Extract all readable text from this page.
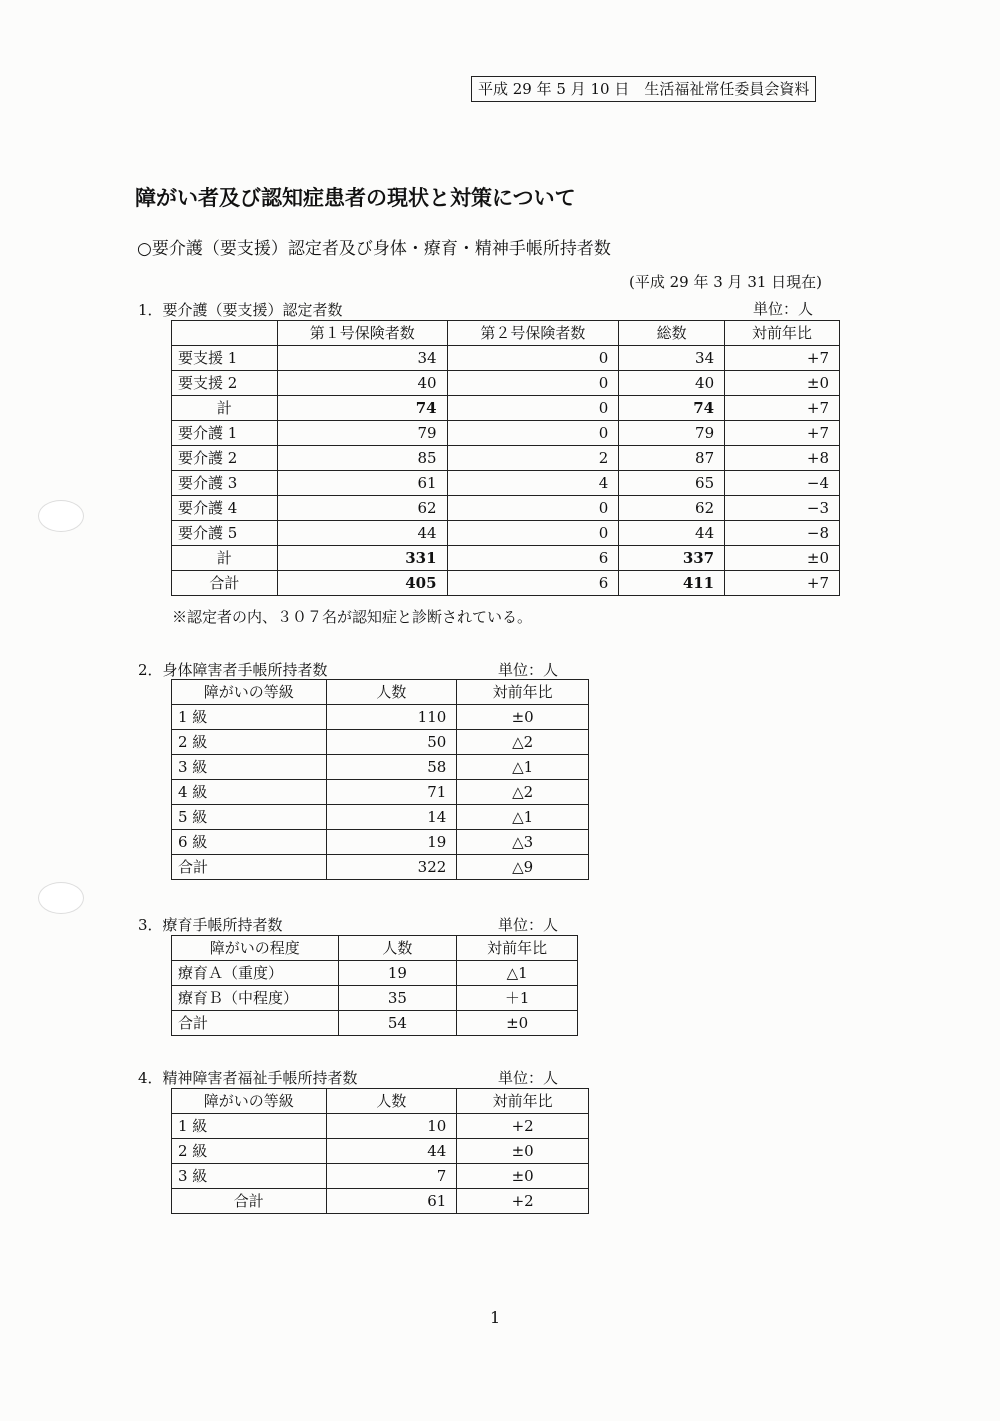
平成 29 年 5 月 10 日　生活福祉常任委員会資料
障がい者及び認知症患者の現状と対策について
○要介護（要支援）認定者及び身体・療育・精神手帳所持者数
(平成 29 年 3 月 31 日現在)
1．要介護（要支援）認定者数	単位：人
	第１号保険者数	第２号保険者数	総数	対前年比
要支援 1	34	0	34	+7
要支援 2	40	0	40	±0
計	74	0	74	+7
要介護 1	79	0	79	+7
要介護 2	85	2	87	+8
要介護 3	61	4	65	−4
要介護 4	62	0	62	−3
要介護 5	44	0	44	−8
計	331	6	337	±0
合計	405	6	411	+7
※認定者の内、３０７名が認知症と診断されている。
2．身体障害者手帳所持者数	単位：人
障がいの等級	人数	対前年比
1 級	110	±0
2 級	50	△2
3 級	58	△1
4 級	71	△2
5 級	14	△1
6 級	19	△3
合計	322	△9
3．療育手帳所持者数	単位：人
障がいの程度	人数	対前年比
療育Ａ（重度）	19	△1
療育Ｂ（中程度）	35	＋1
合計	54	±0
4．精神障害者福祉手帳所持者数	単位：人
障がいの等級	人数	対前年比
1 級	10	+2
2 級	44	±0
3 級	7	±0
合計	61	+2
1
